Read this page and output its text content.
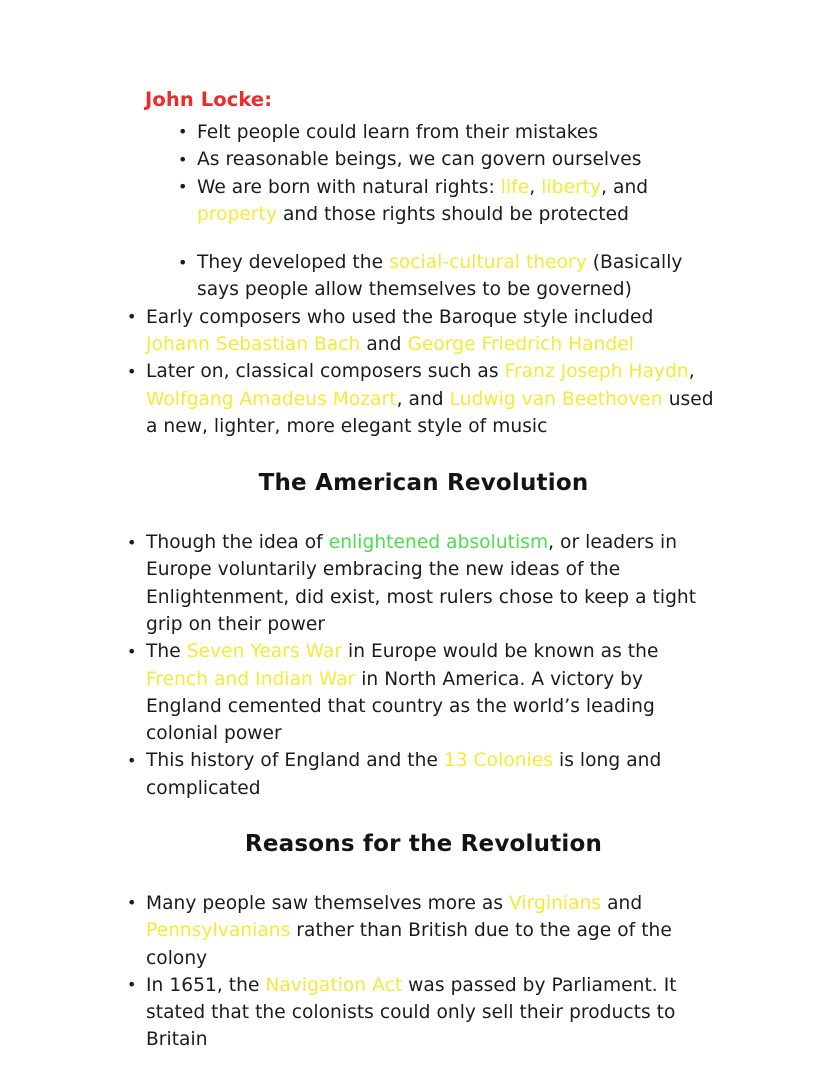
John Locke:
• Felt people could learn from their mistakes
• As reasonable beings, we can govern ourselves
• We are born with natural rights: life, liberty, and property and those rights should be protected
• They developed the social-cultural theory (Basically says people allow themselves to be governed)
• Early composers who used the Baroque style included Johann Sebastian Bach and George Friedrich Handel
• Later on, classical composers such as Franz Joseph Haydn, Wolfgang Amadeus Mozart, and Ludwig van Beethoven used a new, lighter, more elegant style of music
The American Revolution
• Though the idea of enlightened absolutism, or leaders in Europe voluntarily embracing the new ideas of the Enlightenment, did exist, most rulers chose to keep a tight grip on their power
• The Seven Years War in Europe would be known as the French and Indian War in North America. A victory by England cemented that country as the world’s leading colonial power
• This history of England and the 13 Colonies is long and complicated
Reasons for the Revolution
• Many people saw themselves more as Virginians and Pennsylvanians rather than British due to the age of the colony
• In 1651, the Navigation Act was passed by Parliament. It stated that the colonists could only sell their products to Britain
